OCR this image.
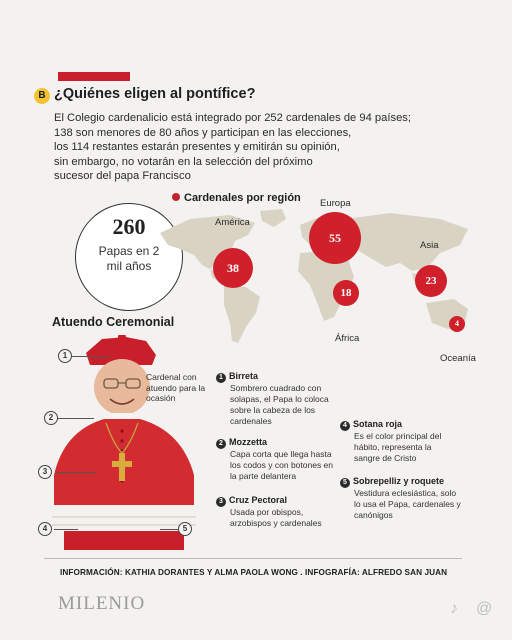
B ¿Quiénes eligen al pontífice?

El Colegio cardenalicio está integrado por 252 cardenales de 94 países;

138 son menores de 80 años y participan en las elecciones,

los 114 restantes estarán presentes y emitirán su opinión,

sin embargo, no votarán en la selección del próximo

sucesor del papa Francisco

260
Papas en 2 mil años
Cardenales por región
38
América
55
Europa
18
África
23
Asia
4
Oceanía
Atuendo Ceremonial
1
2
3
4	5
Cardenal con atuendo para la ocasión
1 Birreta
Sombrero cuadrado con solapas, el Papa lo coloca sobre la cabeza de los cardenales
2 Mozzetta
Capa corta que llega hasta los codos y con botones en la parte delantera
3 Cruz Pectoral
Usada por obispos, arzobispos y cardenales
4 Sotana roja
Es el color principal del hábito, representa la sangre de Cristo
5 Sobrepelliz y roquete
Vestidura eclesiástica, solo lo usa el Papa, cardenales y canónigos
INFORMACIÓN: KATHIA DORANTES Y ALMA PAOLA WONG . INFOGRAFÍA: ALFREDO SAN JUAN
MILENIO	♪ @
